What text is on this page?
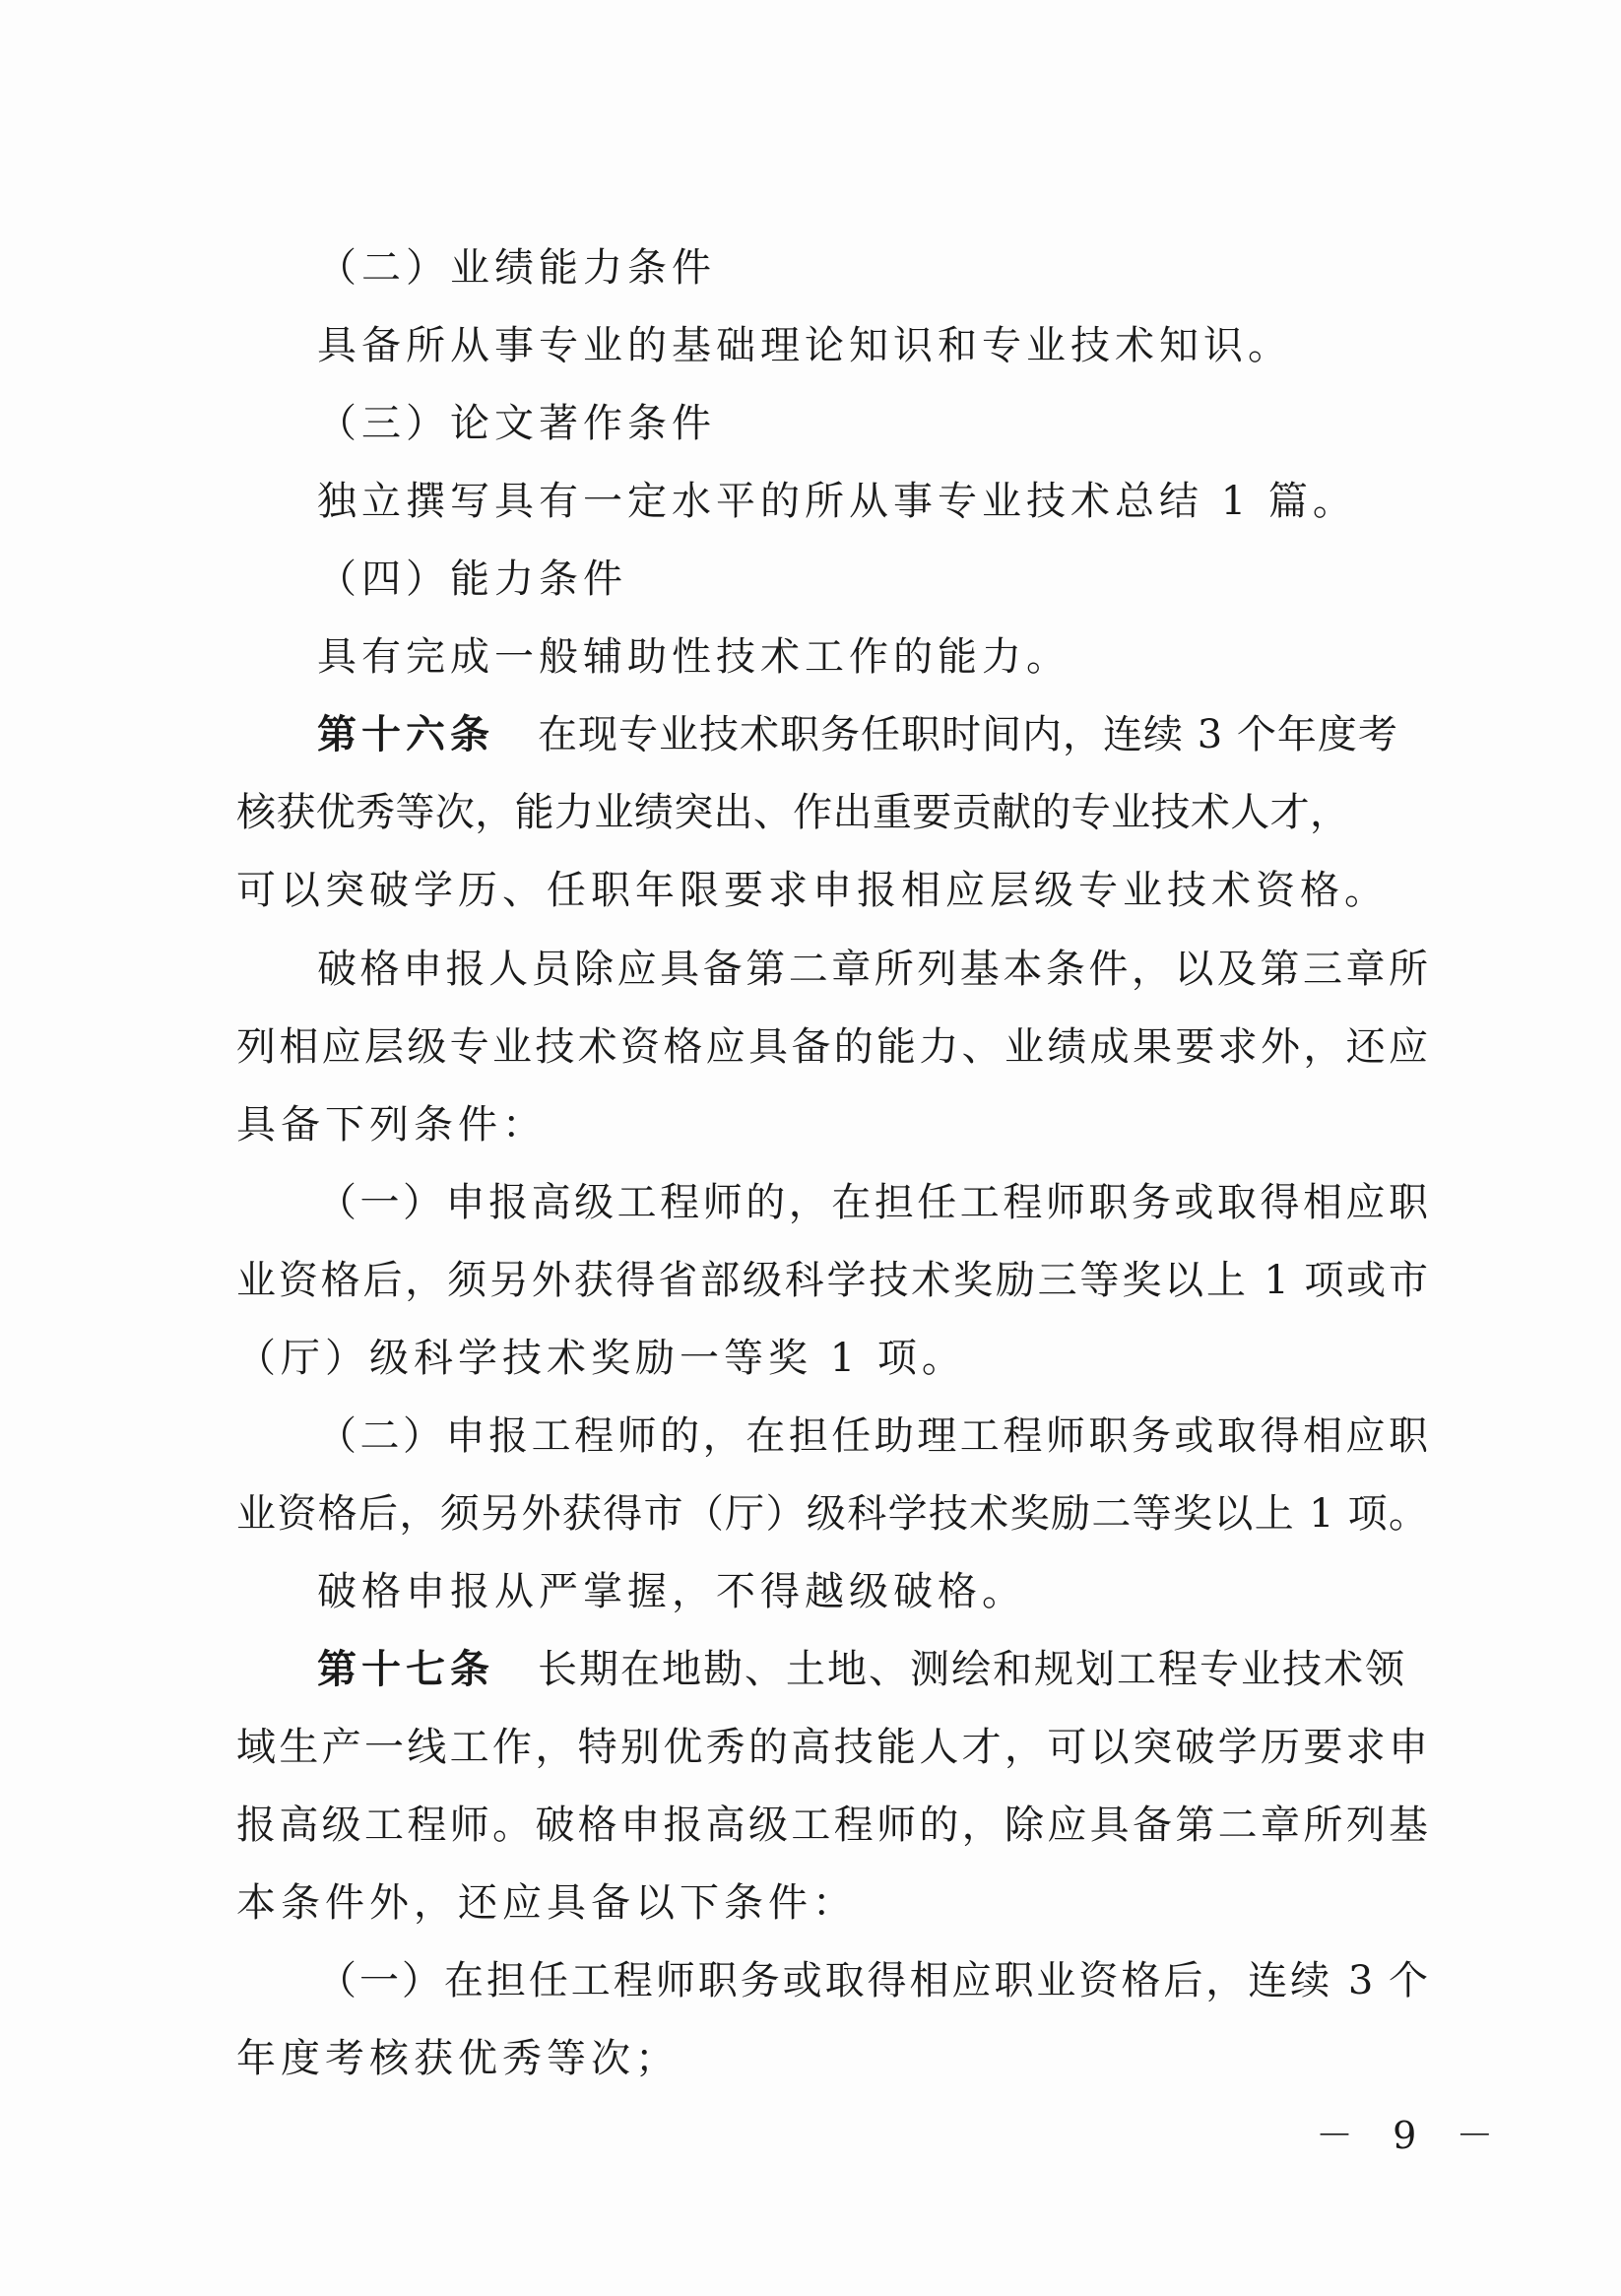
（二）业绩能力条件
具备所从事专业的基础理论知识和专业技术知识。
（三）论文著作条件
独立撰写具有一定水平的所从事专业技术总结 1 篇。
（四）能力条件
具有完成一般辅助性技术工作的能力。
第十六条 在现专业技术职务任职时间内，连续 3 个年度考
核获优秀等次，能力业绩突出、作出重要贡献的专业技术人才，
可以突破学历、任职年限要求申报相应层级专业技术资格。
破格申报人员除应具备第二章所列基本条件，以及第三章所
列相应层级专业技术资格应具备的能力、业绩成果要求外，还应
具备下列条件：
（一）申报高级工程师的，在担任工程师职务或取得相应职
业资格后，须另外获得省部级科学技术奖励三等奖以上 1 项或市
（厅）级科学技术奖励一等奖 1 项。
（二）申报工程师的，在担任助理工程师职务或取得相应职
业资格后，须另外获得市（厅）级科学技术奖励二等奖以上 1 项。
破格申报从严掌握，不得越级破格。
第十七条 长期在地勘、土地、测绘和规划工程专业技术领
域生产一线工作，特别优秀的高技能人才，可以突破学历要求申
报高级工程师。破格申报高级工程师的，除应具备第二章所列基
本条件外，还应具备以下条件：
（一）在担任工程师职务或取得相应职业资格后，连续 3 个
年度考核获优秀等次；
－ 9 －
